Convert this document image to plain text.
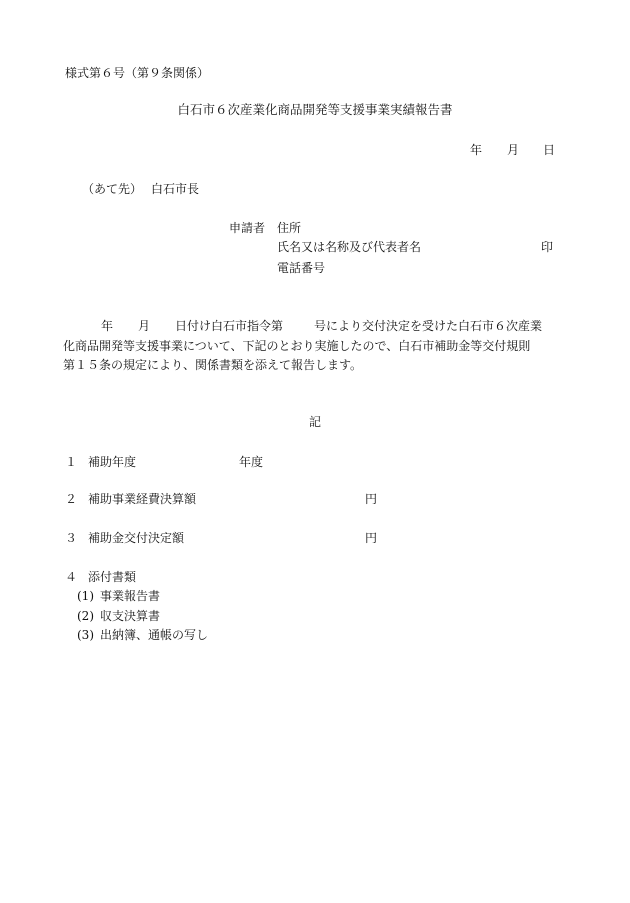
様式第６号（第９条関係）
白石市６次産業化商品開発等支援事業実績報告書
年 月 日
（あて先） 白石市長
申請者 住所
氏名又は名称及び代表者名	印
電話番号
年 月 日付け白石市指令第	号により交付決定を受けた白石市６次産業
化商品開発等支援事業について、下記のとおり実施したので、白石市補助金等交付規則
第１５条の規定により、関係書類を添えて報告します。
記
１ 補助年度	年度
２ 補助事業経費決算額	円
３ 補助金交付決定額	円
４ 添付書類
(1) 事業報告書
(2) 収支決算書
(3) 出納簿、通帳の写し
